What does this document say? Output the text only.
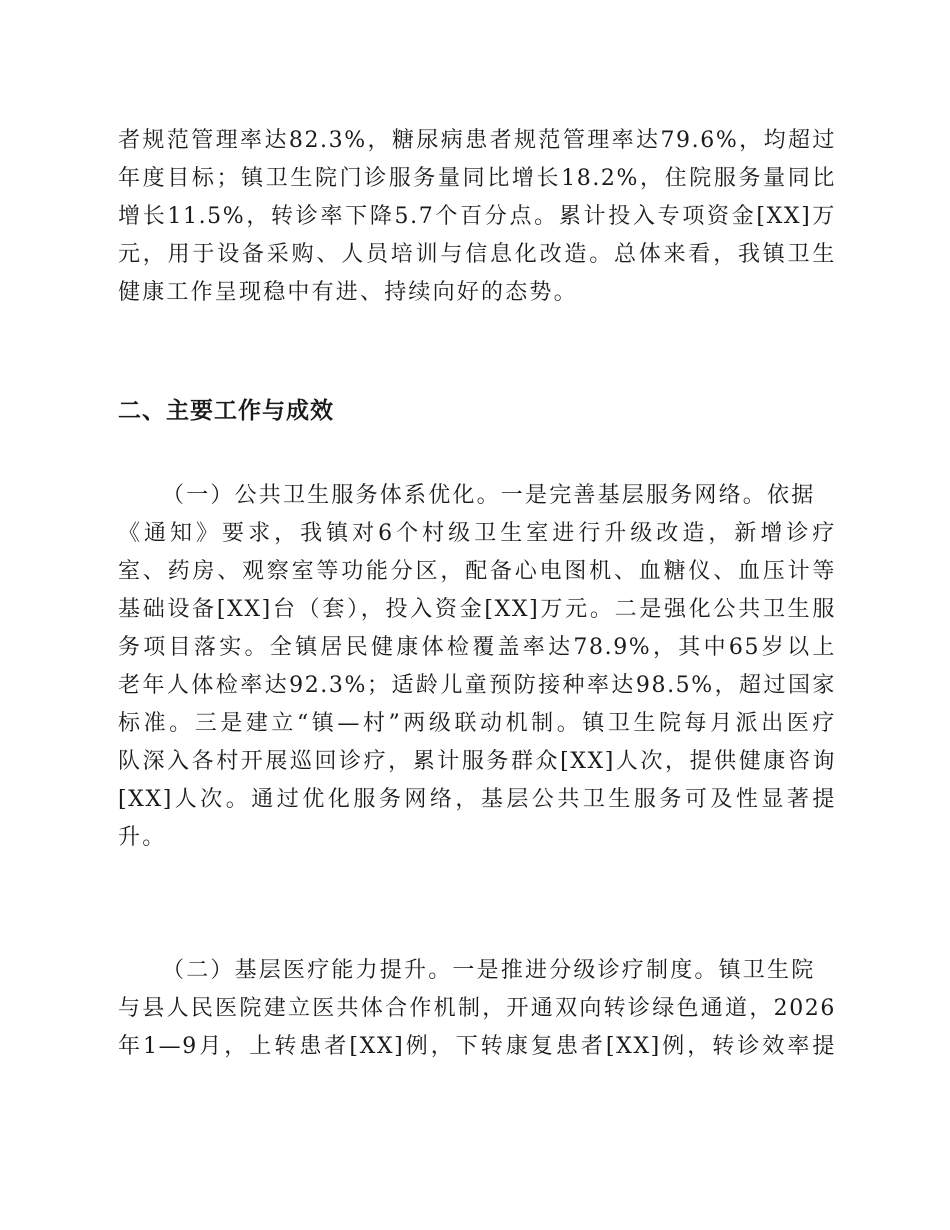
者规范管理率达82.3%，糖尿病患者规范管理率达79.6%，均超过
年度目标；镇卫生院门诊服务量同比增长18.2%，住院服务量同比
增长11.5%，转诊率下降5.7个百分点。累计投入专项资金[XX]万
元，用于设备采购、人员培训与信息化改造。总体来看，我镇卫生
健康工作呈现稳中有进、持续向好的态势。
二、主要工作与成效
（一）公共卫生服务体系优化。一是完善基层服务网络。依据
《通知》要求，我镇对6个村级卫生室进行升级改造，新增诊疗
室、药房、观察室等功能分区，配备心电图机、血糖仪、血压计等
基础设备[XX]台（套），投入资金[XX]万元。二是强化公共卫生服
务项目落实。全镇居民健康体检覆盖率达78.9%，其中65岁以上
老年人体检率达92.3%；适龄儿童预防接种率达98.5%，超过国家
标准。三是建立“镇—村”两级联动机制。镇卫生院每月派出医疗
队深入各村开展巡回诊疗，累计服务群众[XX]人次，提供健康咨询
[XX]人次。通过优化服务网络，基层公共卫生服务可及性显著提
升。
（二）基层医疗能力提升。一是推进分级诊疗制度。镇卫生院
与县人民医院建立医共体合作机制，开通双向转诊绿色通道，2026
年1—9月，上转患者[XX]例，下转康复患者[XX]例，转诊效率提
